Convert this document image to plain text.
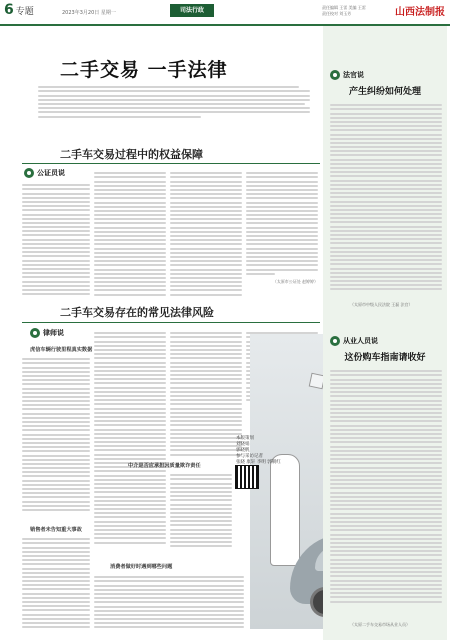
6 专题	2023年3月20日 星期一	司法行政	责任编辑 王雷 美编 王雷
责任校对 刘玉芳	山西法制报
二手交易 一手法律
二手车交易过程中的权益保障
公证员说
（太原市公证处 赵婷婷）
二手车交易存在的常见法律风险
律师说
虎信车辆行驶里程真实数据
销售者未告知重大事故
消费者做好时遇到哪些问题
中介是否应承担因质量欺诈责任
本版策划
刘晓娟
郭晓帆
参与采访记者
张晓 康轩 李明 郭朝红
法官说
产生纠纷如何处理
（太原市中级人民法院 王磊 法官）
从业人员说
这份购车指南请收好
（太原二手车交易市场从业人员）
